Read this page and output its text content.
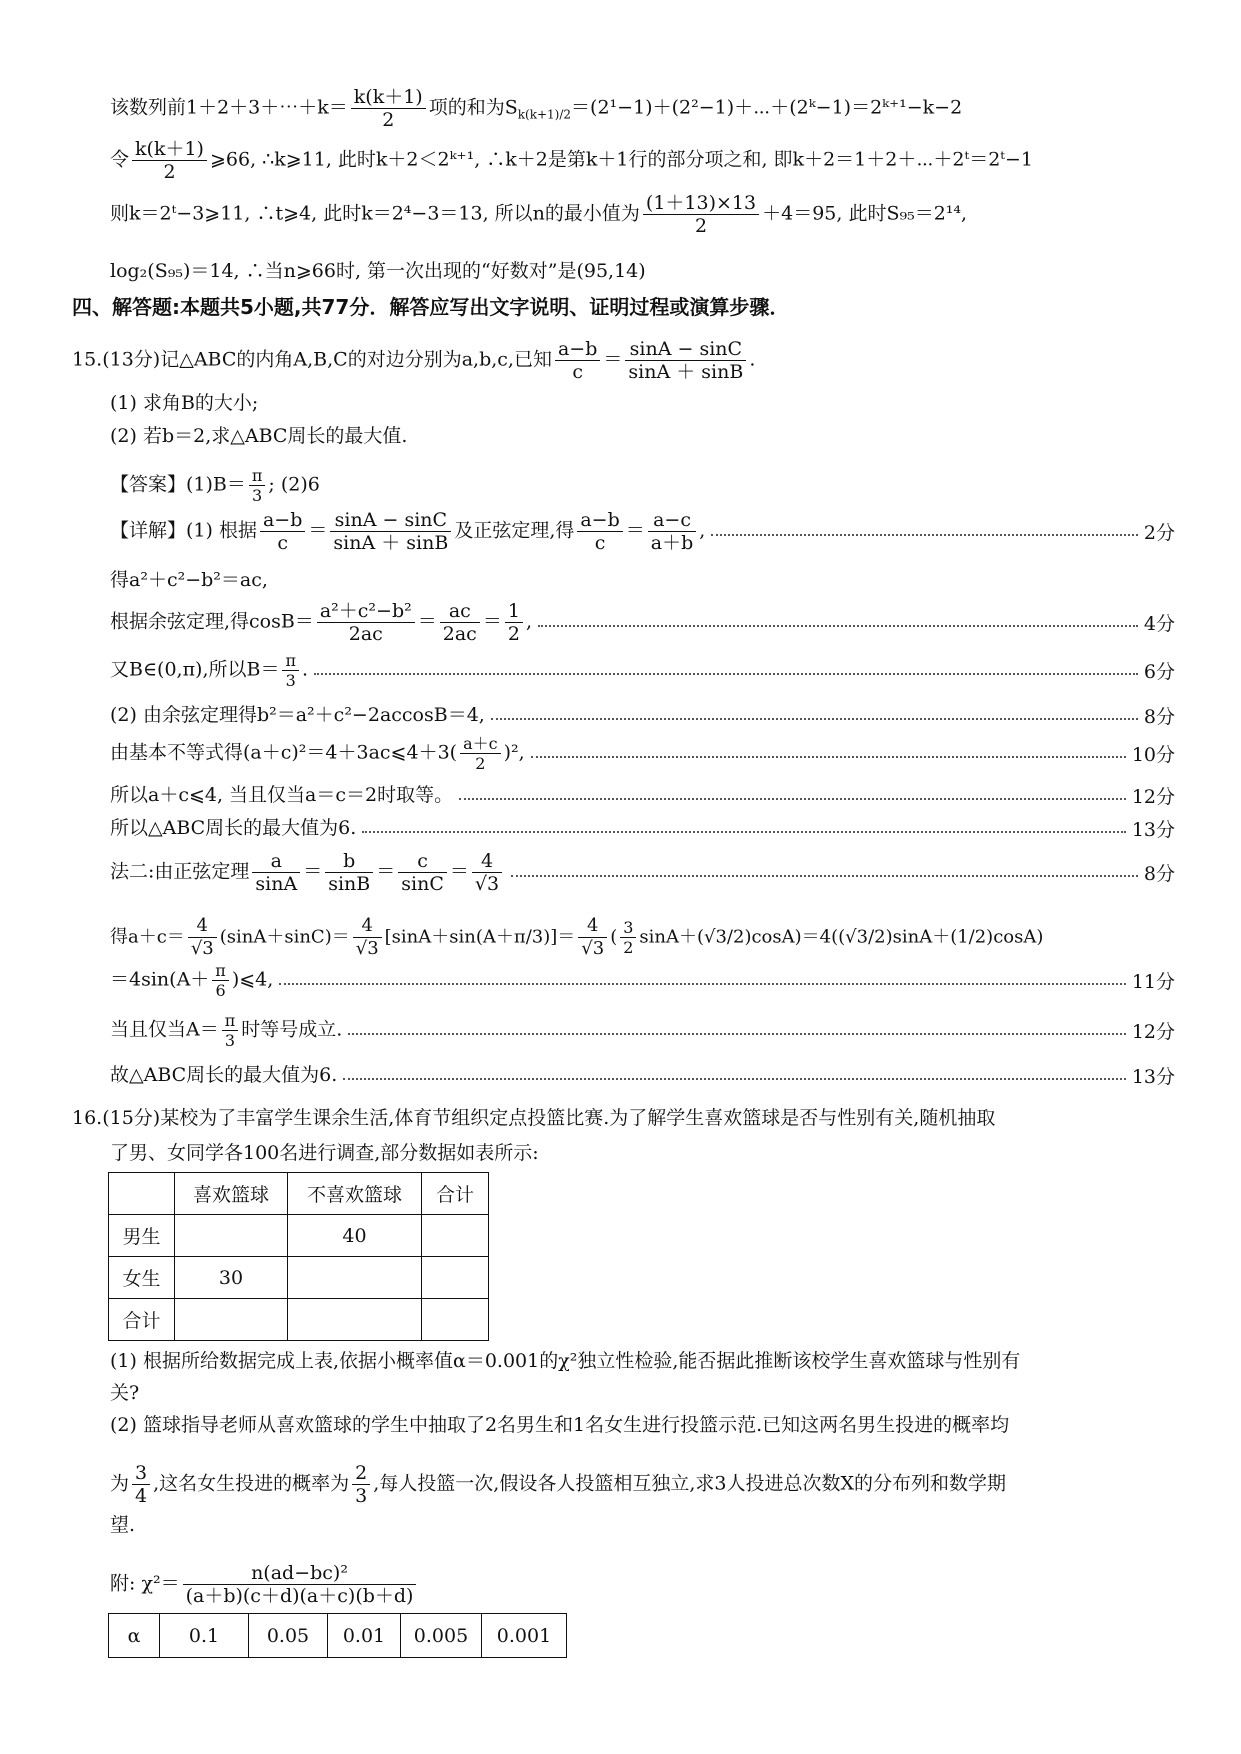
该数列前1＋2＋3＋⋯＋k＝ $\frac{k(k+1)}{2}$ 项的和为$S_{k(k+1)/2}=(2^1-1)+(2^2-1)+\cdots+(2ᵏ-1)=2ᵏ^{+1}-k-2$
令 $\frac{k(k+1)}{2}$ ⩾66, ∴k⩾11, 此时k＋2＜2ᵏ⁺¹, ∴k＋2是第k＋1行的部分项之和, 即k＋2＝1＋2＋⋯＋2ᵗ＝2ᵗ−1
则k＝2ᵗ−3⩾11, ∴t⩾4, 此时k＝2⁴−3＝13, 所以n的最小值为 $\frac{(1+13)\times 13}{2} +4=95$, 此时S₉₅＝2¹⁴,
log₂(S₉₅)＝14, ∴当n⩾66时, 第一次出现的“好数对”是(95,14)
四、解答题:本题共5小题,共77分．解答应写出文字说明、证明过程或演算步骤．
15.(13分)记△ABC的内角A,B,C的对边分别为a,b,c,已知 $\frac{a-b}{c} = \frac{\sin A - \sin C}{\sin A + \sin B}$ .
(1) 求角B的大小;
(2) 若b＝2,求△ABC周长的最大值.
【答案】$(1)B= \frac{\pi}{3}$ ; (2)6
【详解】(1) 根据 $\frac{a-b}{c} = \frac{\sin A - \sin C}{\sin A + \sin B}$ 及正弦定理,得 $\frac{a-b}{c} = \frac{a-c}{a+b}$ ,	2分
得a²＋c²−b²＝ac,
根据余弦定理,得$\cos B= \frac{\text{a²＋c²−b²}}{2ac} = \frac{ac}{2ac} = \frac{1}{2}$ ,	4分
又B∈(0,π),所以$B= \frac{\pi}{3}$ .	6分
(2) 由余弦定理得b²＝a²＋c²−2accosB＝4,	8分
由基本不等式得(a＋c)²＝4＋3ac⩽4＋3( $\frac{a+c}{2} )^2$,	10分
所以a＋c⩽4, 当且仅当a＝c＝2时取等。	12分
所以△ABC周长的最大值为6.	13分
法二:由正弦定理 $\frac{a}{\sin A} = \frac{b}{\sin B} = \frac{c}{\sin C} = \frac{4}{√3}$	8分
得$a+c= \frac{4}{√3} (\sin A+\sin C)= \frac{4}{√3} [\sin A+\sin(A+\pi/3)]= \frac{4}{√3}$ ( $\frac{3}{2} \sin A+(√3/2)\cos A)=4((√3/2)\sin A+(1/2)\cos A)$
$=4\sin(A+ \frac{\pi}{6}$ )⩽4,	11分
当且仅当$A= \frac{\pi}{3}$ 时等号成立.	12分
故△ABC周长的最大值为6.	13分
16.(15分)某校为了丰富学生课余生活,体育节组织定点投篮比赛.为了解学生喜欢篮球是否与性别有关,随机抽取
了男、女同学各100名进行调查,部分数据如表所示:
	喜欢篮球	不喜欢篮球	合计
男生		40	
女生	30		
合计			
(1) 根据所给数据完成上表,依据小概率值α＝0.001的χ²独立性检验,能否据此推断该校学生喜欢篮球与性别有
关?
(2) 篮球指导老师从喜欢篮球的学生中抽取了2名男生和1名女生进行投篮示范.已知这两名男生投进的概率均
为 $\frac{3}{4}$ ,这名女生投进的概率为 $\frac{2}{3}$ ,每人投篮一次,假设各人投篮相互独立,求3人投进总次数X的分布列和数学期
望.
附: $\chi^2= \frac{\text{n(ad−bc)²}}{(a+b)(c+d)(a+c)(b+d)}$
α	0.1	0.05	0.01	0.005	0.001
